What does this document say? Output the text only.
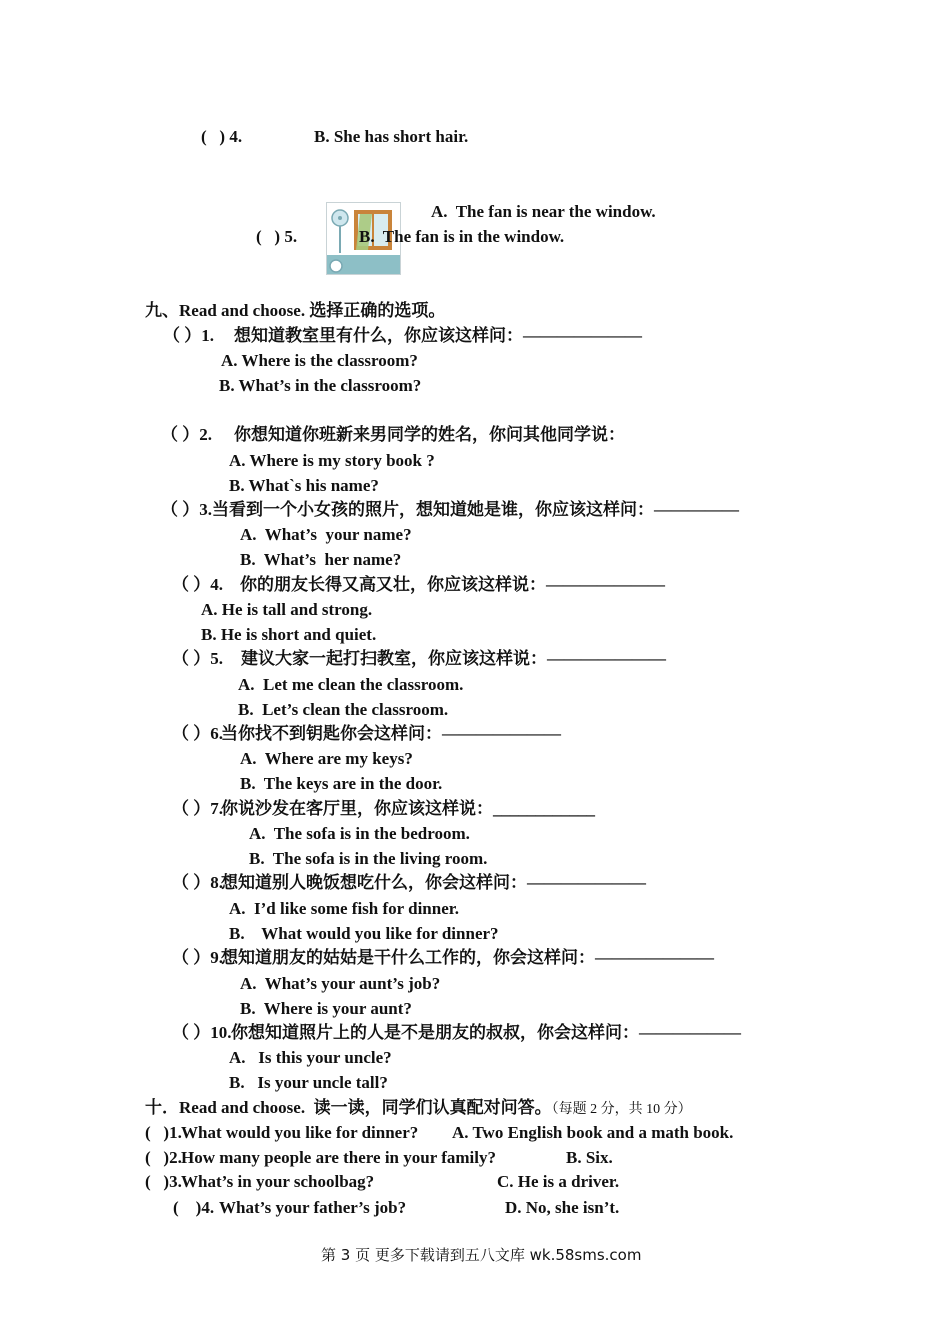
(   ) 4.	B. She has short hair.
(   ) 5.
A.  The fan is near the window.
B.  The fan is in the window.
九、Read and choose. 选择正确的选项。
（ ）1. 想知道教室里有什么，你应该这样问：———————
A. Where is the classroom?
B. What’s in the classroom?
（ ）2. 你想知道你班新来男同学的姓名，你问其他同学说：
A. Where is my story book ?
B. What`s his name?
（ ）3. 当看到一个小女孩的照片，想知道她是谁，你应该这样问：—————
A.  What’s  your name?
B.  What’s  her name?
（ ）4. 你的朋友长得又高又壮，你应该这样说：———————
A. He is tall and strong.
B. He is short and quiet.
（ ）5. 建议大家一起打扫教室，你应该这样说：———————
A.  Let me clean the classroom.
B.  Let’s clean the classroom.
（ ）6.
当你找不到钥匙你会这样问：———————
A.  Where are my keys?
B.  The keys are in the door.
（ ）7.
你说沙发在客厅里，你应该这样说：____________
A.  The sofa is in the bedroom.
B.  The sofa is in the living room.
（ ）8.
想知道别人晚饭想吃什么，你会这样问：———————
A.  I’d like some fish for dinner.
B.    What would you like for dinner?
（ ）9.
想知道朋友的姑姑是干什么工作的，你会这样问：———————
A.  What’s your aunt’s job?
B.  Where is your aunt?
（ ）10. 你想知道照片上的人是不是朋友的叔叔，你会这样问：——————
A.   Is this your uncle?
B.   Is your uncle tall?
十．Read and choose.  读一读，同学们认真配对问答。（每题 2 分，共 10 分）
(   )1. What would you like for dinner? A. Two English book and a math book.
(   )2. How many people are there in your family?	B. Six.
(   )3. What’s in your schoolbag?	C. He is a driver.
(    )4. What’s your father’s job?	D. No, she isn’t.
第 3 页 更多下载请到五八文库 wk.58sms.com
